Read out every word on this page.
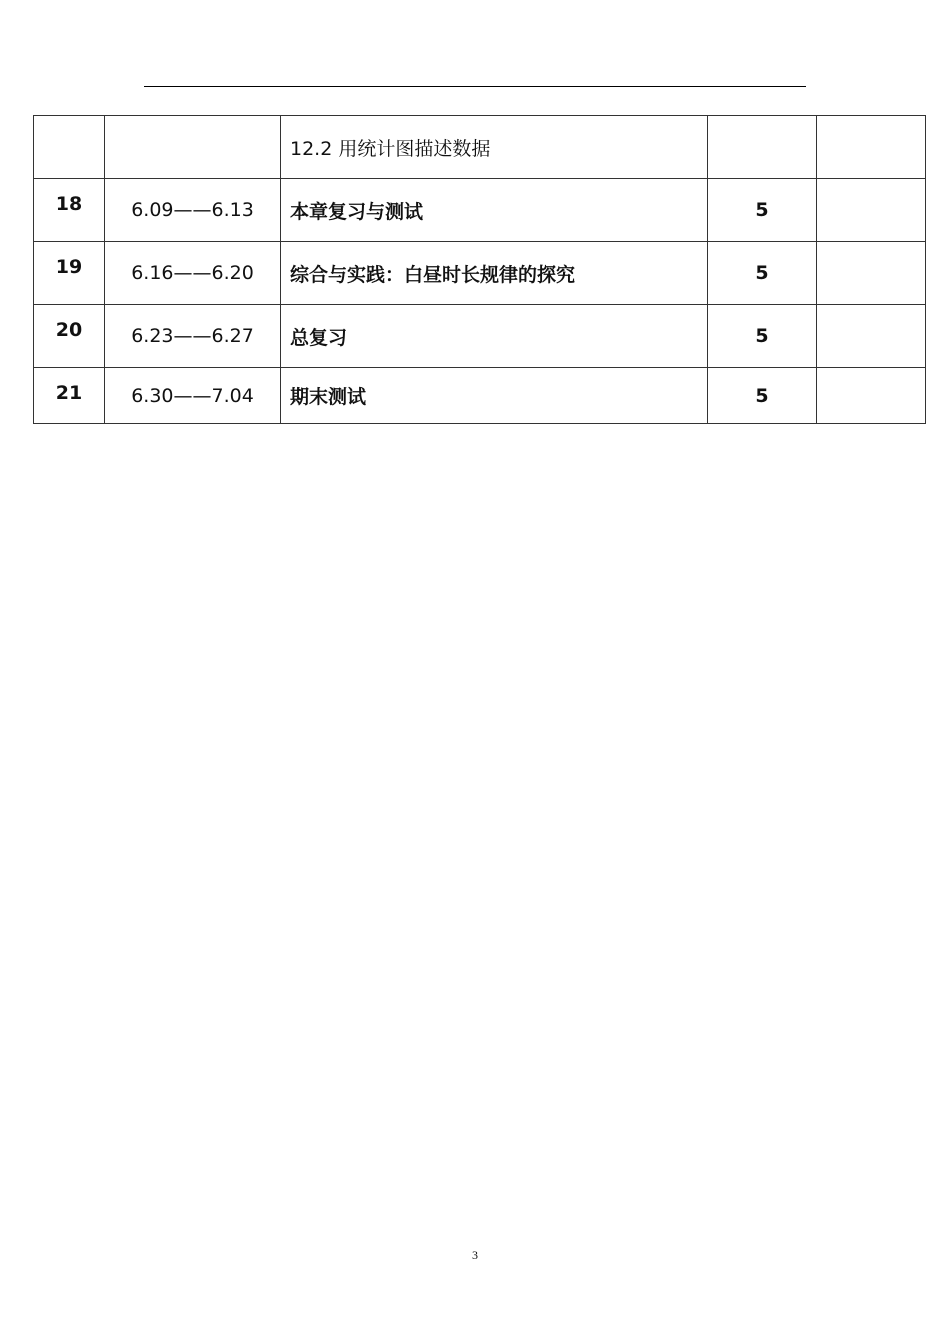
		12.2 用统计图描述数据		
18	6.09——6.13	本章复习与测试	5	
19	6.16——6.20	综合与实践：白昼时长规律的探究	5	
20	6.23——6.27	总复习	5	
21	6.30——7.04	期末测试	5	
3
